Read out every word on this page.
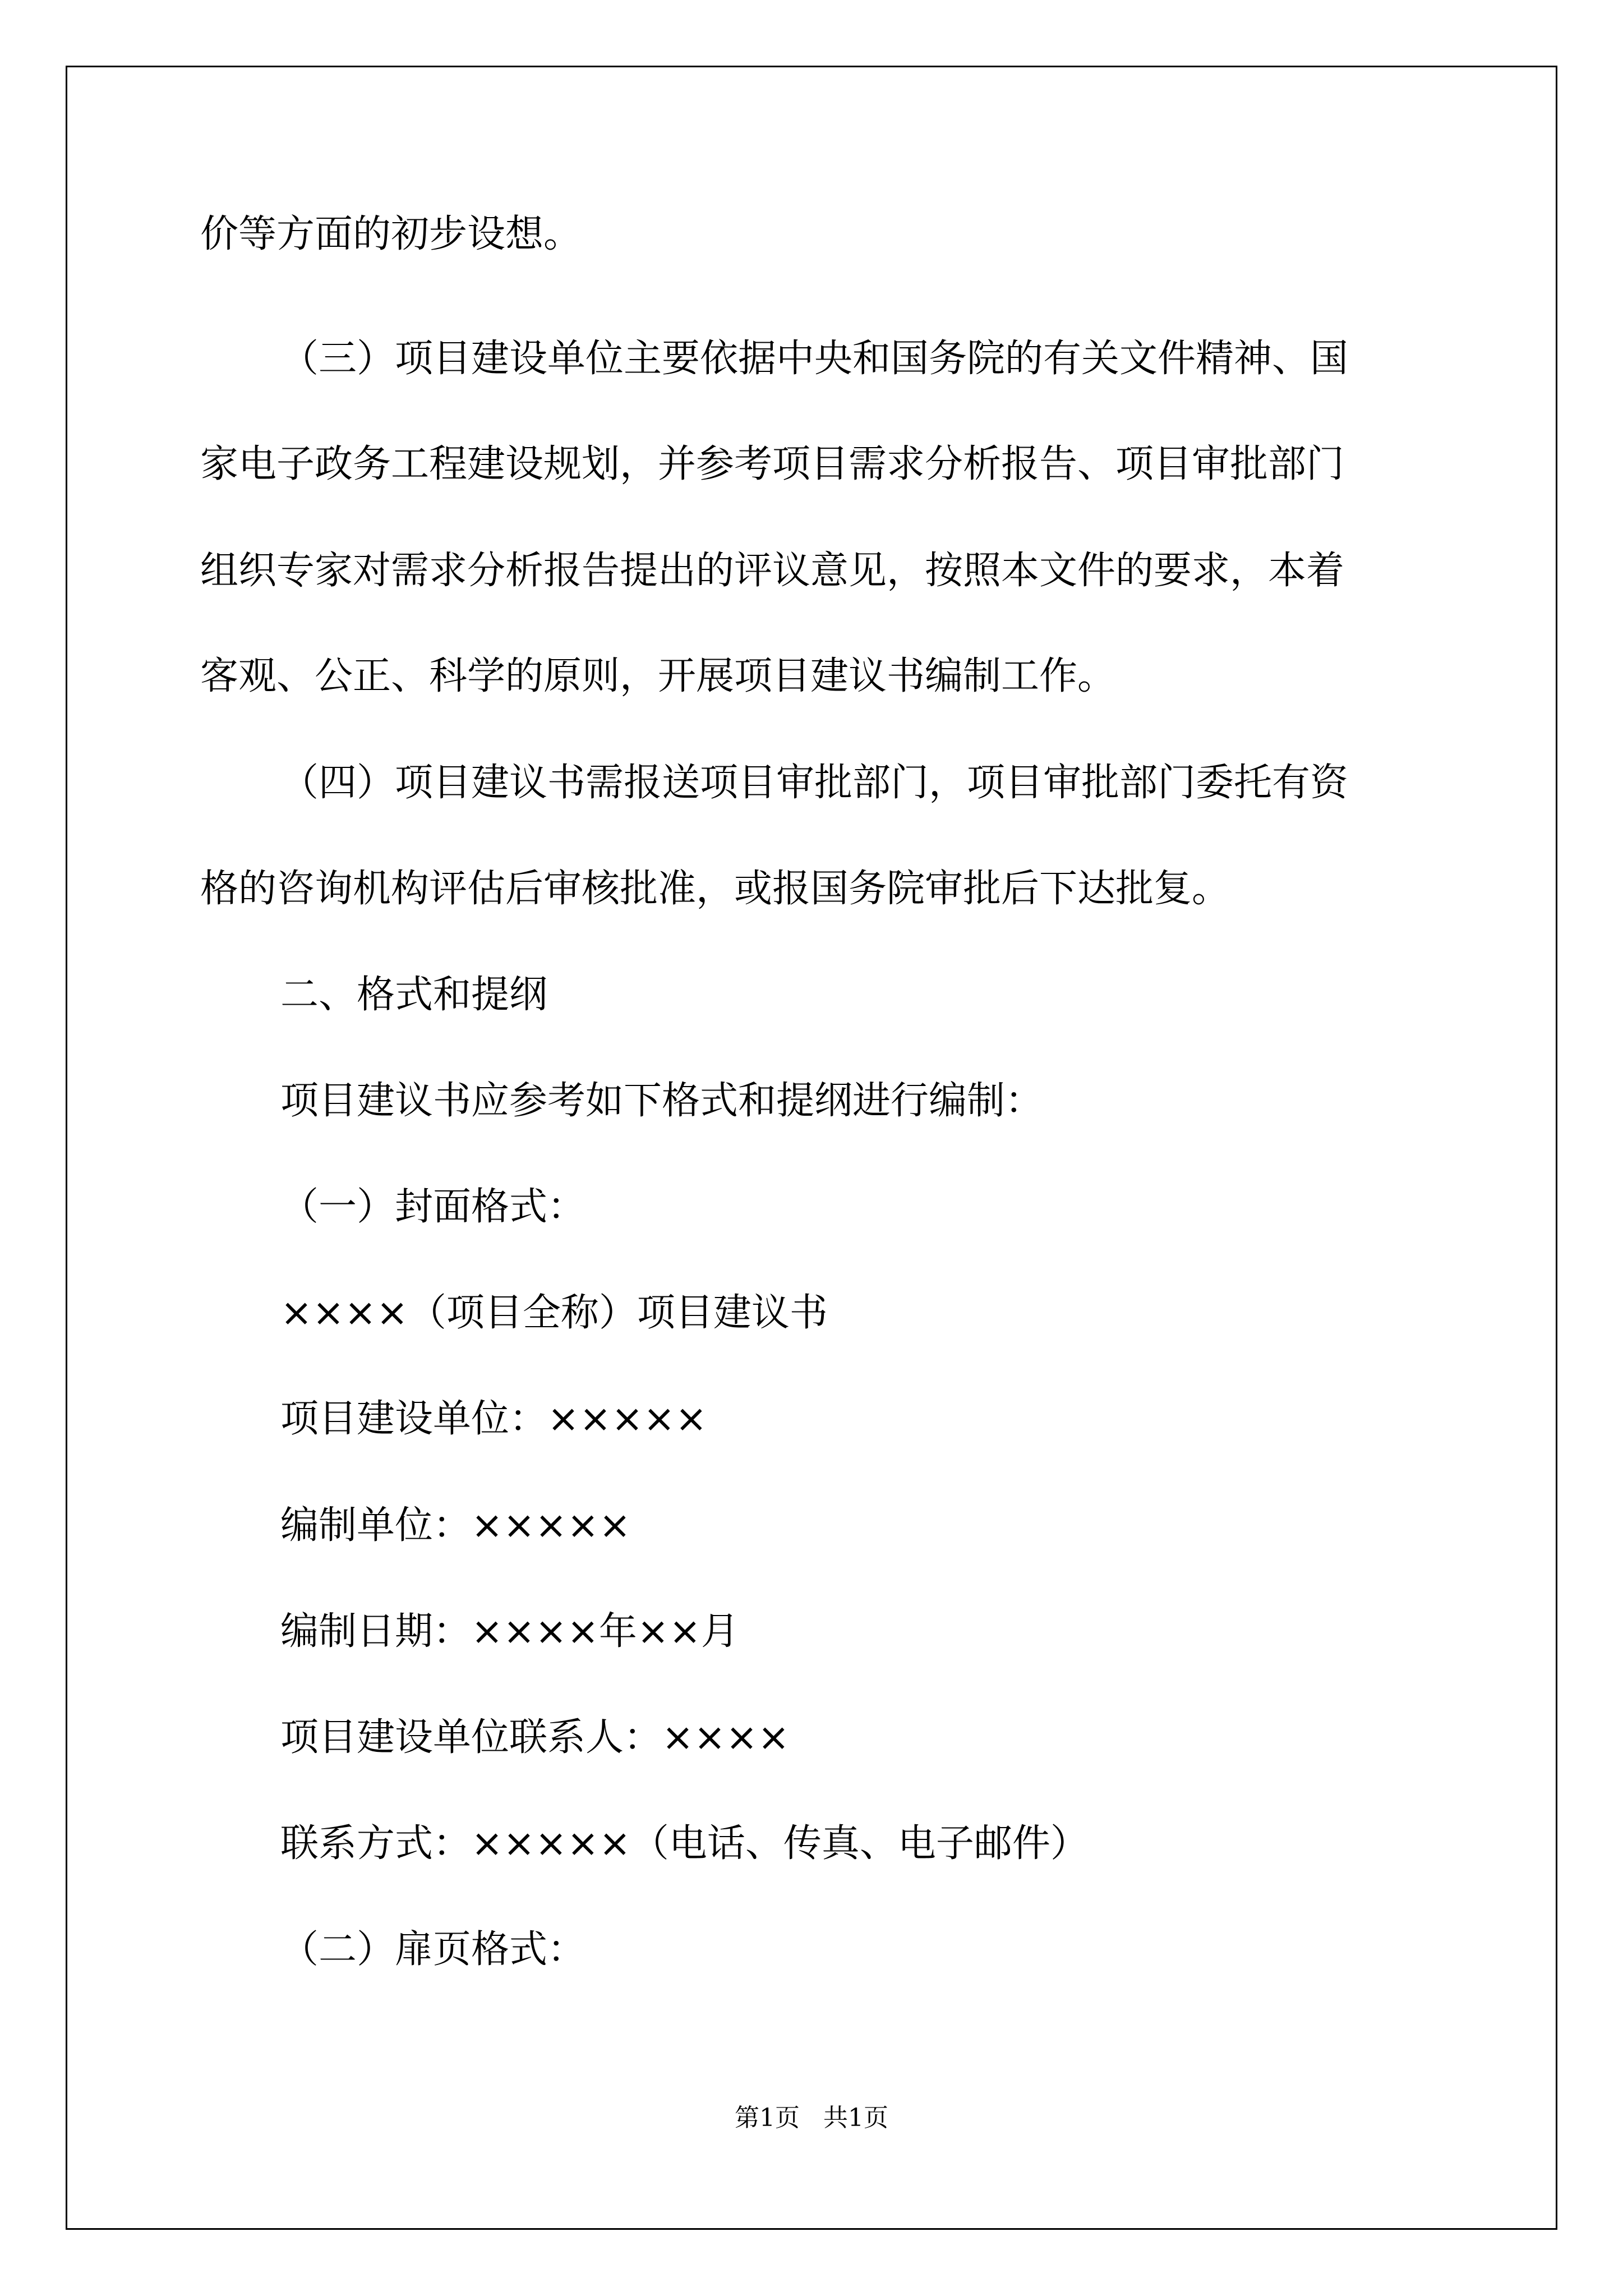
价等方面的初步设想。
（三）项目建设单位主要依据中央和国务院的有关文件精神、国
家电子政务工程建设规划，并参考项目需求分析报告、项目审批部门
组织专家对需求分析报告提出的评议意见，按照本文件的要求，本着
客观、公正、科学的原则，开展项目建议书编制工作。
（四）项目建议书需报送项目审批部门，项目审批部门委托有资
格的咨询机构评估后审核批准，或报国务院审批后下达批复。
二、格式和提纲
项目建议书应参考如下格式和提纲进行编制：
（一）封面格式：
××××（项目全称）项目建议书
项目建设单位：×××××
编制单位：×××××
编制日期：××××年××月
项目建设单位联系人：××××
联系方式：×××××（电话、传真、电子邮件）
（二）扉页格式：
第1页   共1页
